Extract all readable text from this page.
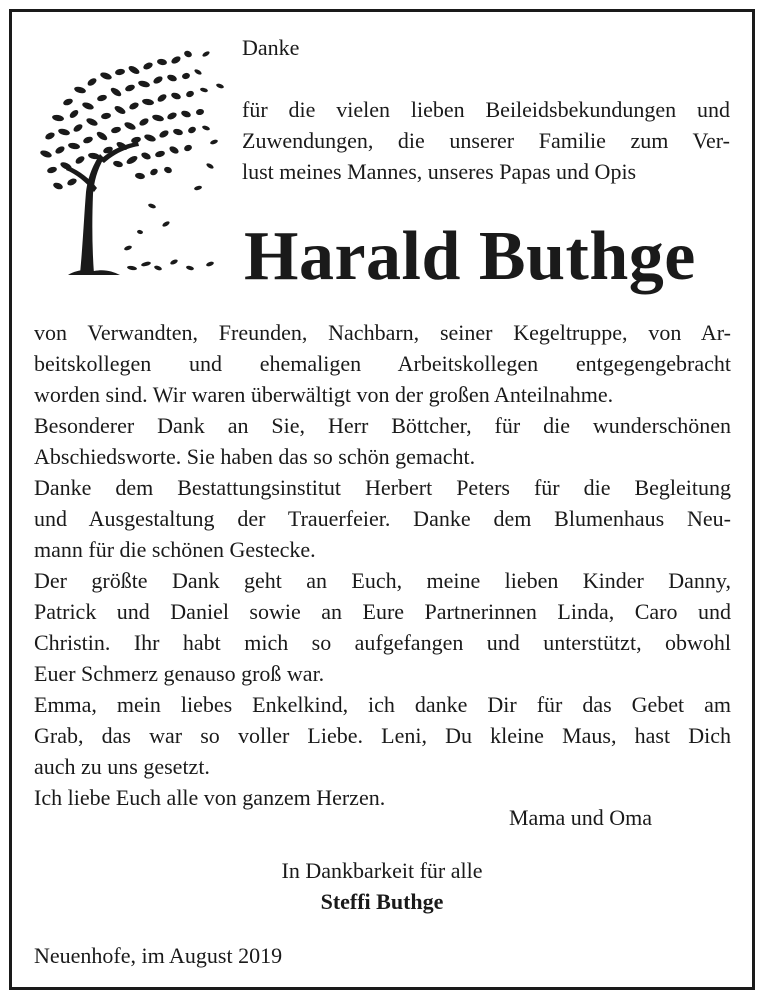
Danke

für die vielen lieben Beileidsbekundungen und
Zuwendungen, die unserer Familie zum Ver-
lust meines Mannes, unseres Papas und Opis
Harald Buthge
von Verwandten, Freunden, Nachbarn, seiner Kegeltruppe, von Ar-
beitskollegen und ehemaligen Arbeitskollegen entgegengebracht
worden sind. Wir waren überwältigt von der großen Anteilnahme.
Besonderer Dank an Sie, Herr Böttcher, für die wunderschönen
Abschiedsworte. Sie haben das so schön gemacht.
Danke dem Bestattungsinstitut Herbert Peters für die Begleitung
und Ausgestaltung der Trauerfeier. Danke dem Blumenhaus Neu-
mann für die schönen Gestecke.
Der größte Dank geht an Euch, meine lieben Kinder Danny,
Patrick und Daniel sowie an Eure Partnerinnen Linda, Caro und
Christin. Ihr habt mich so aufgefangen und unterstützt, obwohl
Euer Schmerz genauso groß war.
Emma, mein liebes Enkelkind, ich danke Dir für das Gebet am
Grab, das war so voller Liebe. Leni, Du kleine Maus, hast Dich
auch zu uns gesetzt.
Ich liebe Euch alle von ganzem Herzen.

Mama und Oma

In Dankbarkeit für alle

Steffi Buthge

Neuenhofe, im August 2019
